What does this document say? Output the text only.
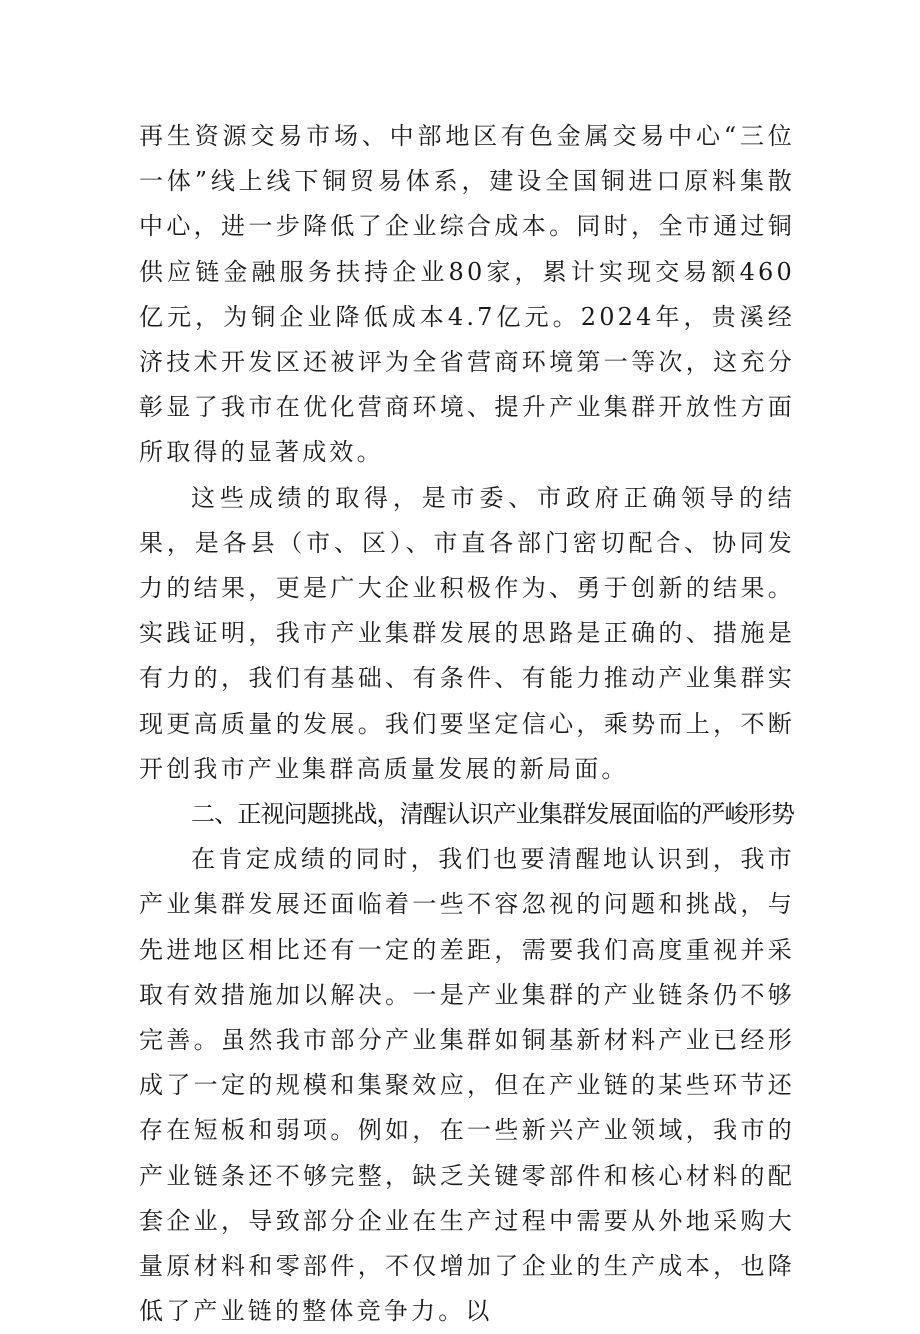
再生资源交易市场、中部地区有色金属交易中心“三位一体”线上线下铜贸易体系，建设全国铜进口原料集散中心，进一步降低了企业综合成本。同时，全市通过铜供应链金融服务扶持企业80家，累计实现交易额460亿元，为铜企业降低成本4.7亿元。2024年，贵溪经济技术开发区还被评为全省营商环境第一等次，这充分彰显了我市在优化营商环境、提升产业集群开放性方面所取得的显著成效。

这些成绩的取得，是市委、市政府正确领导的结果，是各县（市、区）、市直各部门密切配合、协同发力的结果，更是广大企业积极作为、勇于创新的结果。实践证明，我市产业集群发展的思路是正确的、措施是有力的，我们有基础、有条件、有能力推动产业集群实现更高质量的发展。我们要坚定信心，乘势而上，不断开创我市产业集群高质量发展的新局面。

二、正视问题挑战，清醒认识产业集群发展面临的严峻形势

在肯定成绩的同时，我们也要清醒地认识到，我市产业集群发展还面临着一些不容忽视的问题和挑战，与先进地区相比还有一定的差距，需要我们高度重视并采取有效措施加以解决。一是产业集群的产业链条仍不够完善。虽然我市部分产业集群如铜基新材料产业已经形成了一定的规模和集聚效应，但在产业链的某些环节还存在短板和弱项。例如，在一些新兴产业领域，我市的产业链条还不够完整，缺乏关键零部件和核心材料的配套企业，导致部分企业在生产过程中需要从外地采购大量原材料和零部件，不仅增加了企业的生产成本，也降低了产业链的整体竞争力。以
